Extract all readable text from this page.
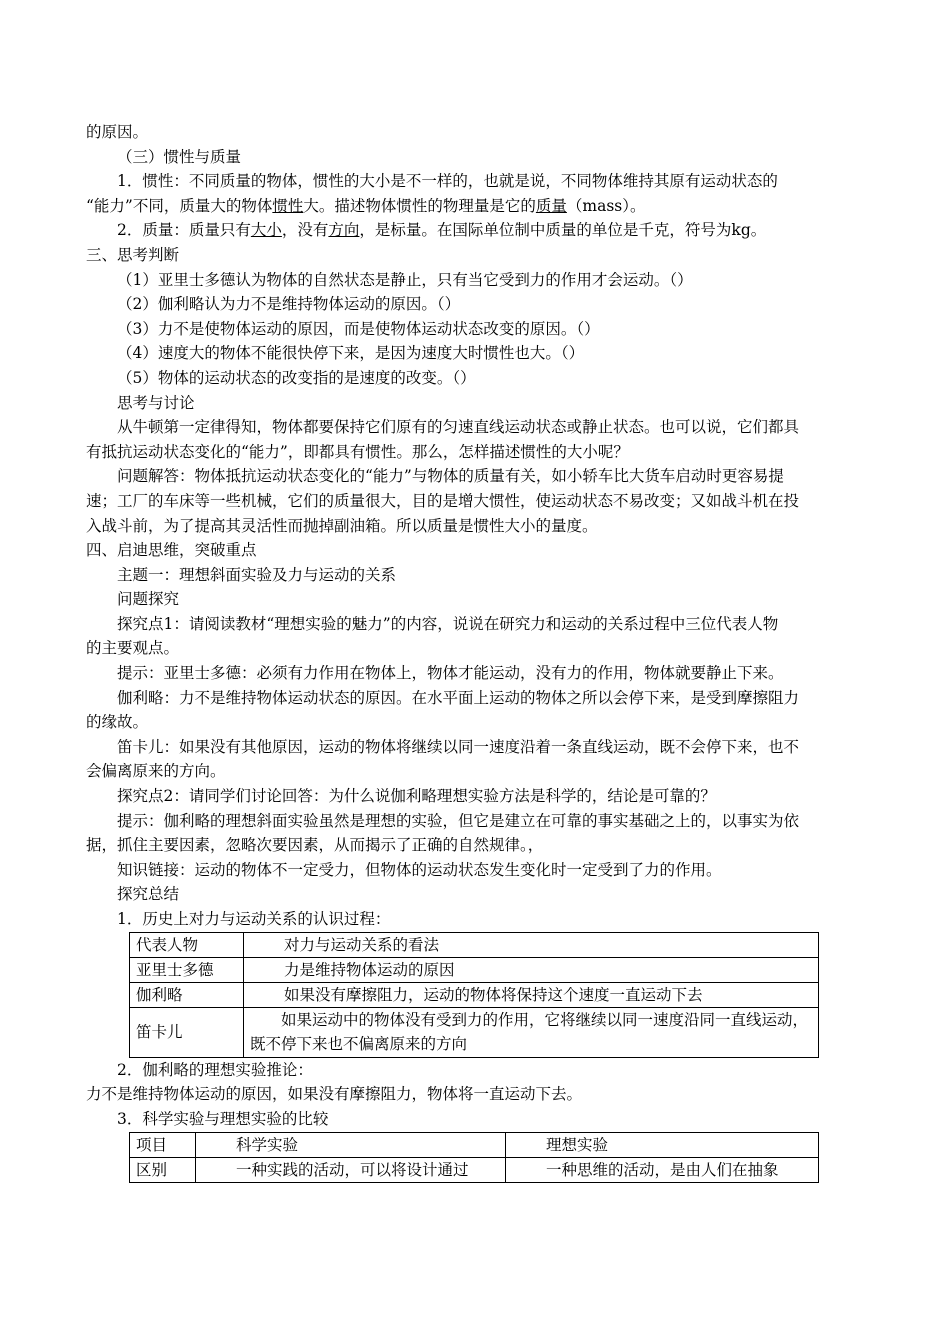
的原因。

（三）惯性与质量

1．惯性：不同质量的物体，惯性的大小是不一样的，也就是说，不同物体维持其原有运动状态的

“能力”不同，质量大的物体惯性大。描述物体惯性的物理量是它的质量（mass）。

2．质量：质量只有大小，没有方向，是标量。在国际单位制中质量的单位是千克，符号为kg。

三、思考判断

（1）亚里士多德认为物体的自然状态是静止，只有当它受到力的作用才会运动。（）

（2）伽利略认为力不是维持物体运动的原因。（）

（3）力不是使物体运动的原因，而是使物体运动状态改变的原因。（）

（4）速度大的物体不能很快停下来，是因为速度大时惯性也大。（）

（5）物体的运动状态的改变指的是速度的改变。（）

思考与讨论

从牛顿第一定律得知，物体都要保持它们原有的匀速直线运动状态或静止状态。也可以说，它们都具

有抵抗运动状态变化的“能力”，即都具有惯性。那么，怎样描述惯性的大小呢？

问题解答：物体抵抗运动状态变化的“能力”与物体的质量有关，如小轿车比大货车启动时更容易提

速；工厂的车床等一些机械，它们的质量很大，目的是增大惯性，使运动状态不易改变；又如战斗机在投

入战斗前，为了提高其灵活性而抛掉副油箱。所以质量是惯性大小的量度。

四、启迪思维，突破重点

主题一：理想斜面实验及力与运动的关系

问题探究

探究点1：请阅读教材“理想实验的魅力”的内容，说说在研究力和运动的关系过程中三位代表人物

的主要观点。

提示：亚里士多德：必须有力作用在物体上，物体才能运动，没有力的作用，物体就要静止下来。

伽利略：力不是维持物体运动状态的原因。在水平面上运动的物体之所以会停下来，是受到摩擦阻力

的缘故。

笛卡儿：如果没有其他原因，运动的物体将继续以同一速度沿着一条直线运动，既不会停下来，也不

会偏离原来的方向。

探究点2：请同学们讨论回答：为什么说伽利略理想实验方法是科学的，结论是可靠的？

提示：伽利略的理想斜面实验虽然是理想的实验，但它是建立在可靠的事实基础之上的，以事实为依

据，抓住主要因素，忽略次要因素，从而揭示了正确的自然规律。，

知识链接：运动的物体不一定受力，但物体的运动状态发生变化时一定受到了力的作用。

探究总结

1．历史上对力与运动关系的认识过程：

代表人物	对力与运动关系的看法
亚里士多德	力是维持物体运动的原因
伽利略	如果没有摩擦阻力，运动的物体将保持这个速度一直运动下去
笛卡儿	如果运动中的物体没有受到力的作用，它将继续以同一速度沿同一直线运动，既不停下来也不偏离原来的方向

2．伽利略的理想实验推论：

力不是维持物体运动的原因，如果没有摩擦阻力，物体将一直运动下去。

3．科学实验与理想实验的比较

项目	科学实验	理想实验
区别	一种实践的活动，可以将设计通过	一种思维的活动，是由人们在抽象
